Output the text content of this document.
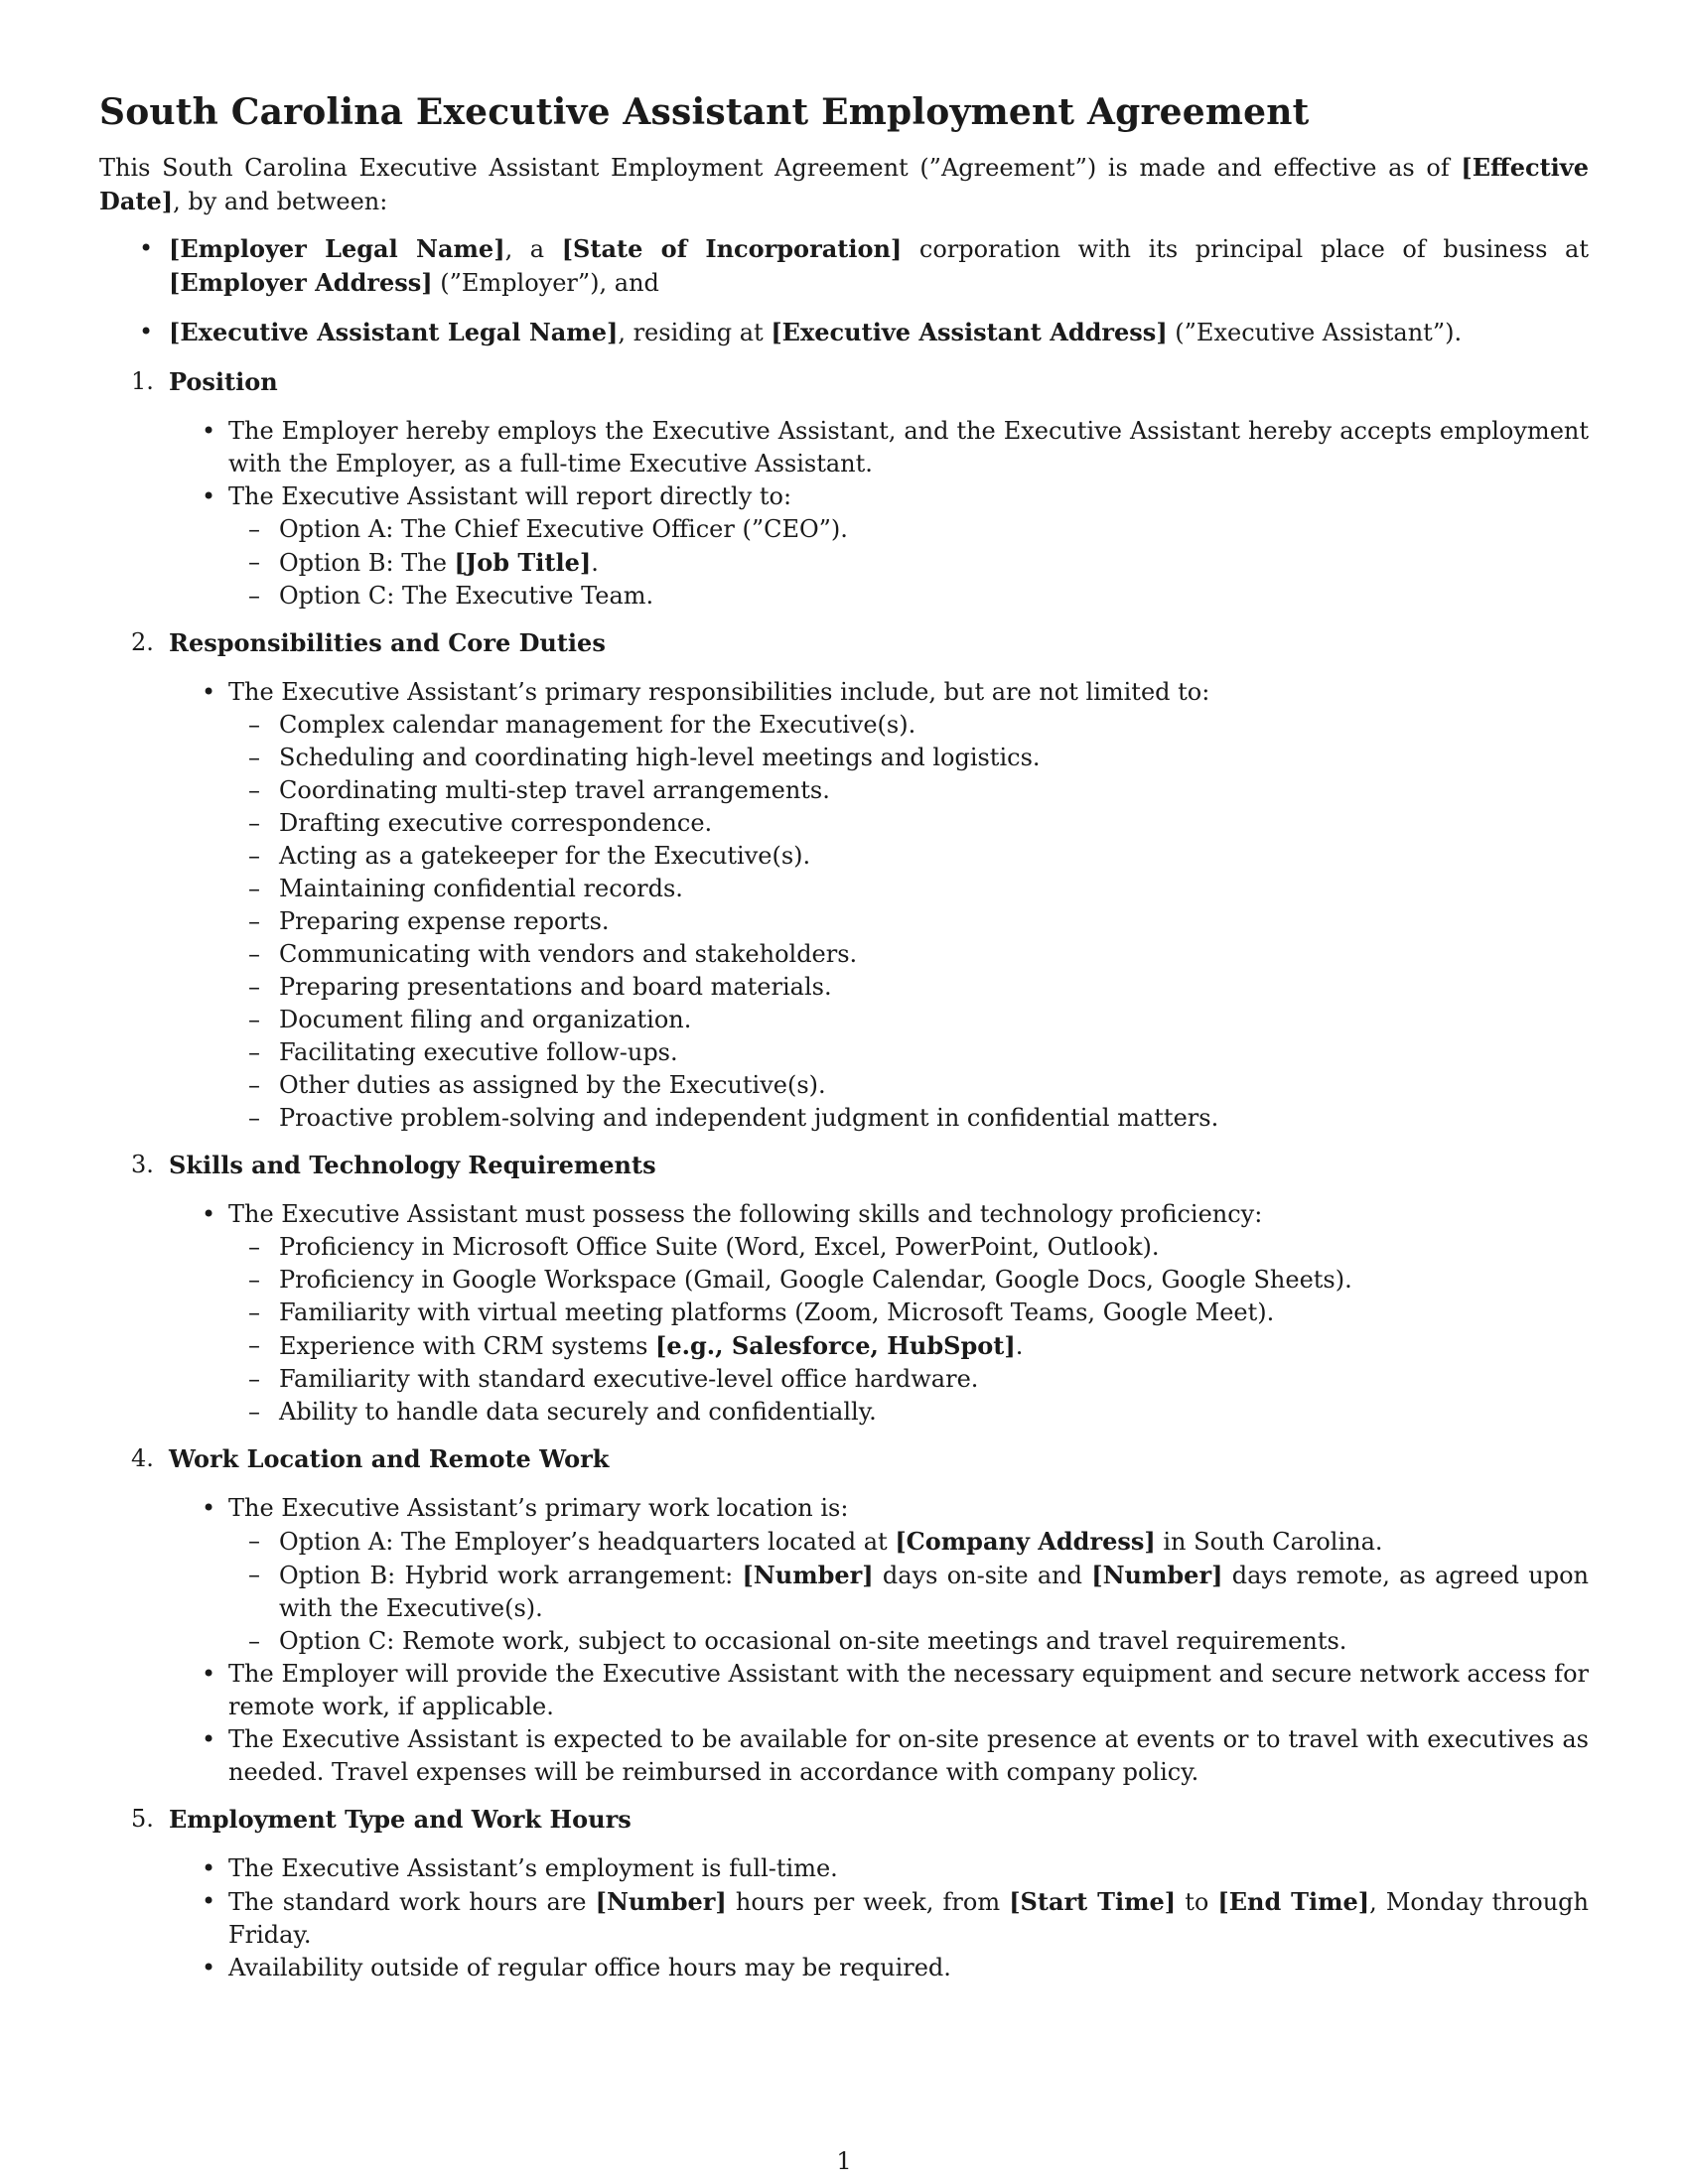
South Carolina Executive Assistant Employment Agreement

This South Carolina Executive Assistant Employment Agreement (”Agreement”) is made and effective as of [Effective Date], by and between:

• [Employer Legal Name], a [State of Incorporation] corporation with its principal place of business at [Employer Address] (”Employer”), and
• [Executive Assistant Legal Name], residing at [Executive Assistant Address] (”Executive Assistant”).
1. Position
• The Employer hereby employs the Executive Assistant, and the Executive Assistant hereby accepts employment with the Employer, as a full-time Executive Assistant.
• The Executive Assistant will report directly to:
– Option A: The Chief Executive Officer (”CEO”).
– Option B: The [Job Title].
– Option C: The Executive Team.
2. Responsibilities and Core Duties
• The Executive Assistant’s primary responsibilities include, but are not limited to:
– Complex calendar management for the Executive(s).
– Scheduling and coordinating high-level meetings and logistics.
– Coordinating multi-step travel arrangements.
– Drafting executive correspondence.
– Acting as a gatekeeper for the Executive(s).
– Maintaining confidential records.
– Preparing expense reports.
– Communicating with vendors and stakeholders.
– Preparing presentations and board materials.
– Document filing and organization.
– Facilitating executive follow-ups.
– Other duties as assigned by the Executive(s).
– Proactive problem-solving and independent judgment in confidential matters.
3. Skills and Technology Requirements
• The Executive Assistant must possess the following skills and technology proficiency:
– Proficiency in Microsoft Office Suite (Word, Excel, PowerPoint, Outlook).
– Proficiency in Google Workspace (Gmail, Google Calendar, Google Docs, Google Sheets).
– Familiarity with virtual meeting platforms (Zoom, Microsoft Teams, Google Meet).
– Experience with CRM systems [e.g., Salesforce, HubSpot].
– Familiarity with standard executive-level office hardware.
– Ability to handle data securely and confidentially.
4. Work Location and Remote Work
• The Executive Assistant’s primary work location is:
– Option A: The Employer’s headquarters located at [Company Address] in South Carolina.
– Option B: Hybrid work arrangement: [Number] days on-site and [Number] days remote, as agreed upon with the Executive(s).
– Option C: Remote work, subject to occasional on-site meetings and travel requirements.
• The Employer will provide the Executive Assistant with the necessary equipment and secure network access for remote work, if applicable.
• The Executive Assistant is expected to be available for on-site presence at events or to travel with executives as needed. Travel expenses will be reimbursed in accordance with company policy.
5. Employment Type and Work Hours
• The Executive Assistant’s employment is full-time.
• The standard work hours are [Number] hours per week, from [Start Time] to [End Time], Monday through Friday.
• Availability outside of regular office hours may be required.
1
